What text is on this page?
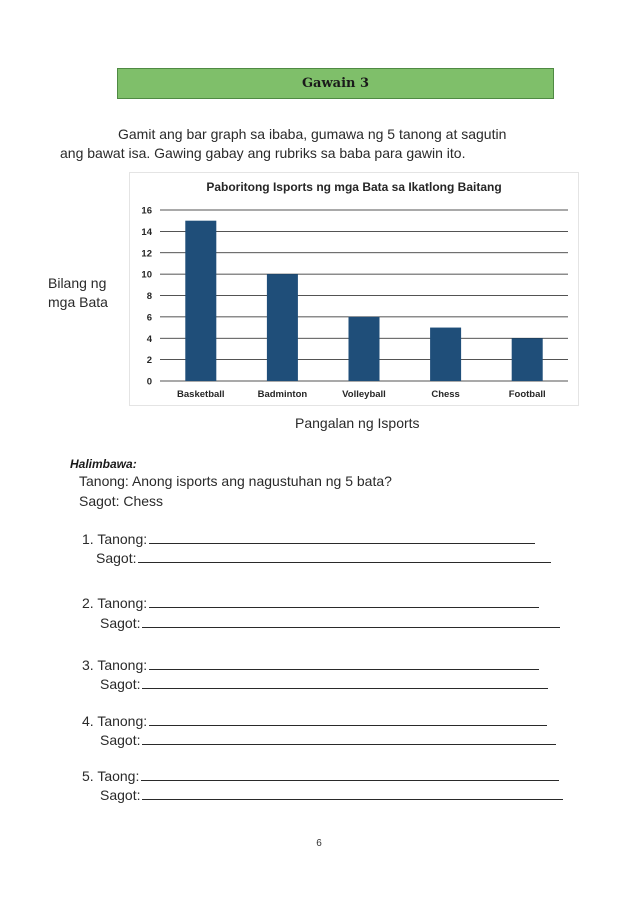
Gawain 3
Gamit ang bar graph sa ibaba, gumawa ng 5 tanong at sagutin
ang bawat isa. Gawing gabay ang rubriks sa baba para gawin ito.
Paboritong Isports ng mga Bata sa Ikatlong Baitang
0
2
4
6
8
10
12
14
16
Basketball	Badminton	Volleyball	Chess	Football
Bilang ng
mga Bata
Pangalan ng Isports
Halimbawa:
Tanong: Anong isports ang nagustuhan ng 5 bata?
Sagot: Chess
1. Tanong:
Sagot:
2. Tanong:
Sagot:
3. Tanong:
Sagot:
4. Tanong:
Sagot:
5. Taong:
Sagot:
6
